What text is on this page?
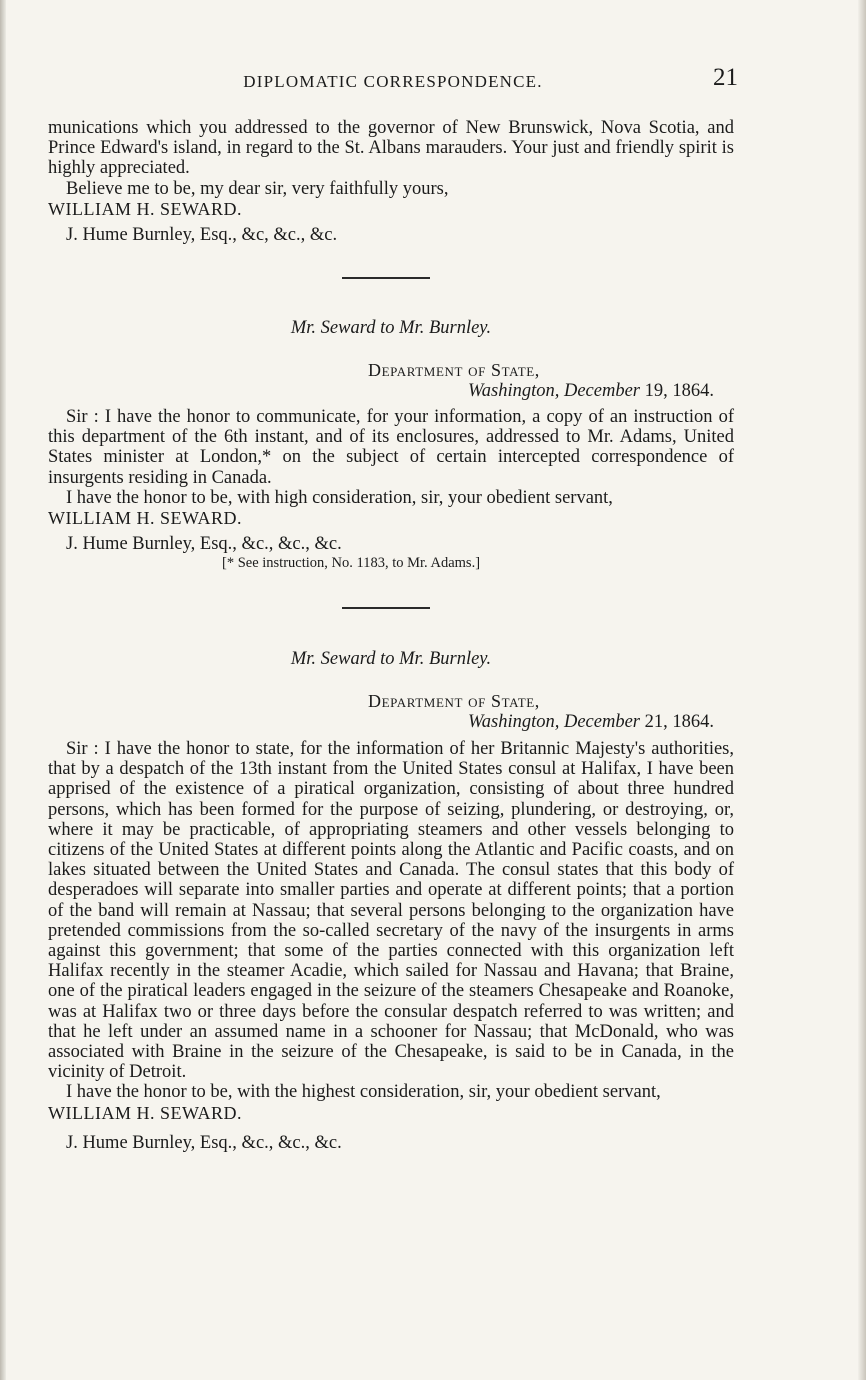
DIPLOMATIC CORRESPONDENCE.	21

munications which you addressed to the governor of New Brunswick, Nova Scotia, and Prince Edward's island, in regard to the St. Albans marauders. Your just and friendly spirit is highly appreciated.

Believe me to be, my dear sir, very faithfully yours,

WILLIAM H. SEWARD.

J. Hume Burnley, Esq., &c, &c., &c.

Mr. Seward to Mr. Burnley.
Department of State,
Washington, December 19, 1864.

Sir : I have the honor to communicate, for your information, a copy of an instruction of this department of the 6th instant, and of its enclosures, addressed to Mr. Adams, United States minister at London,* on the subject of certain intercepted correspondence of insurgents residing in Canada.

I have the honor to be, with high consideration, sir, your obedient servant,

WILLIAM H. SEWARD.

J. Hume Burnley, Esq., &c., &c., &c.

[* See instruction, No. 1183, to Mr. Adams.]
Mr. Seward to Mr. Burnley.
Department of State,
Washington, December 21, 1864.

Sir : I have the honor to state, for the information of her Britannic Majesty's authorities, that by a despatch of the 13th instant from the United States consul at Halifax, I have been apprised of the existence of a piratical organization, consisting of about three hundred persons, which has been formed for the purpose of seizing, plundering, or destroying, or, where it may be practicable, of appropriating steamers and other vessels belonging to citizens of the United States at different points along the Atlantic and Pacific coasts, and on lakes situated between the United States and Canada. The consul states that this body of desperadoes will separate into smaller parties and operate at different points; that a portion of the band will remain at Nassau; that several persons belonging to the organization have pretended commissions from the so-called secretary of the navy of the insurgents in arms against this government; that some of the parties connected with this organization left Halifax recently in the steamer Acadie, which sailed for Nassau and Havana; that Braine, one of the piratical leaders engaged in the seizure of the steamers Chesapeake and Roanoke, was at Halifax two or three days before the consular despatch referred to was written; and that he left under an assumed name in a schooner for Nassau; that McDonald, who was associated with Braine in the seizure of the Chesapeake, is said to be in Canada, in the vicinity of Detroit.

I have the honor to be, with the highest consideration, sir, your obedient servant,

WILLIAM H. SEWARD.

J. Hume Burnley, Esq., &c., &c., &c.
